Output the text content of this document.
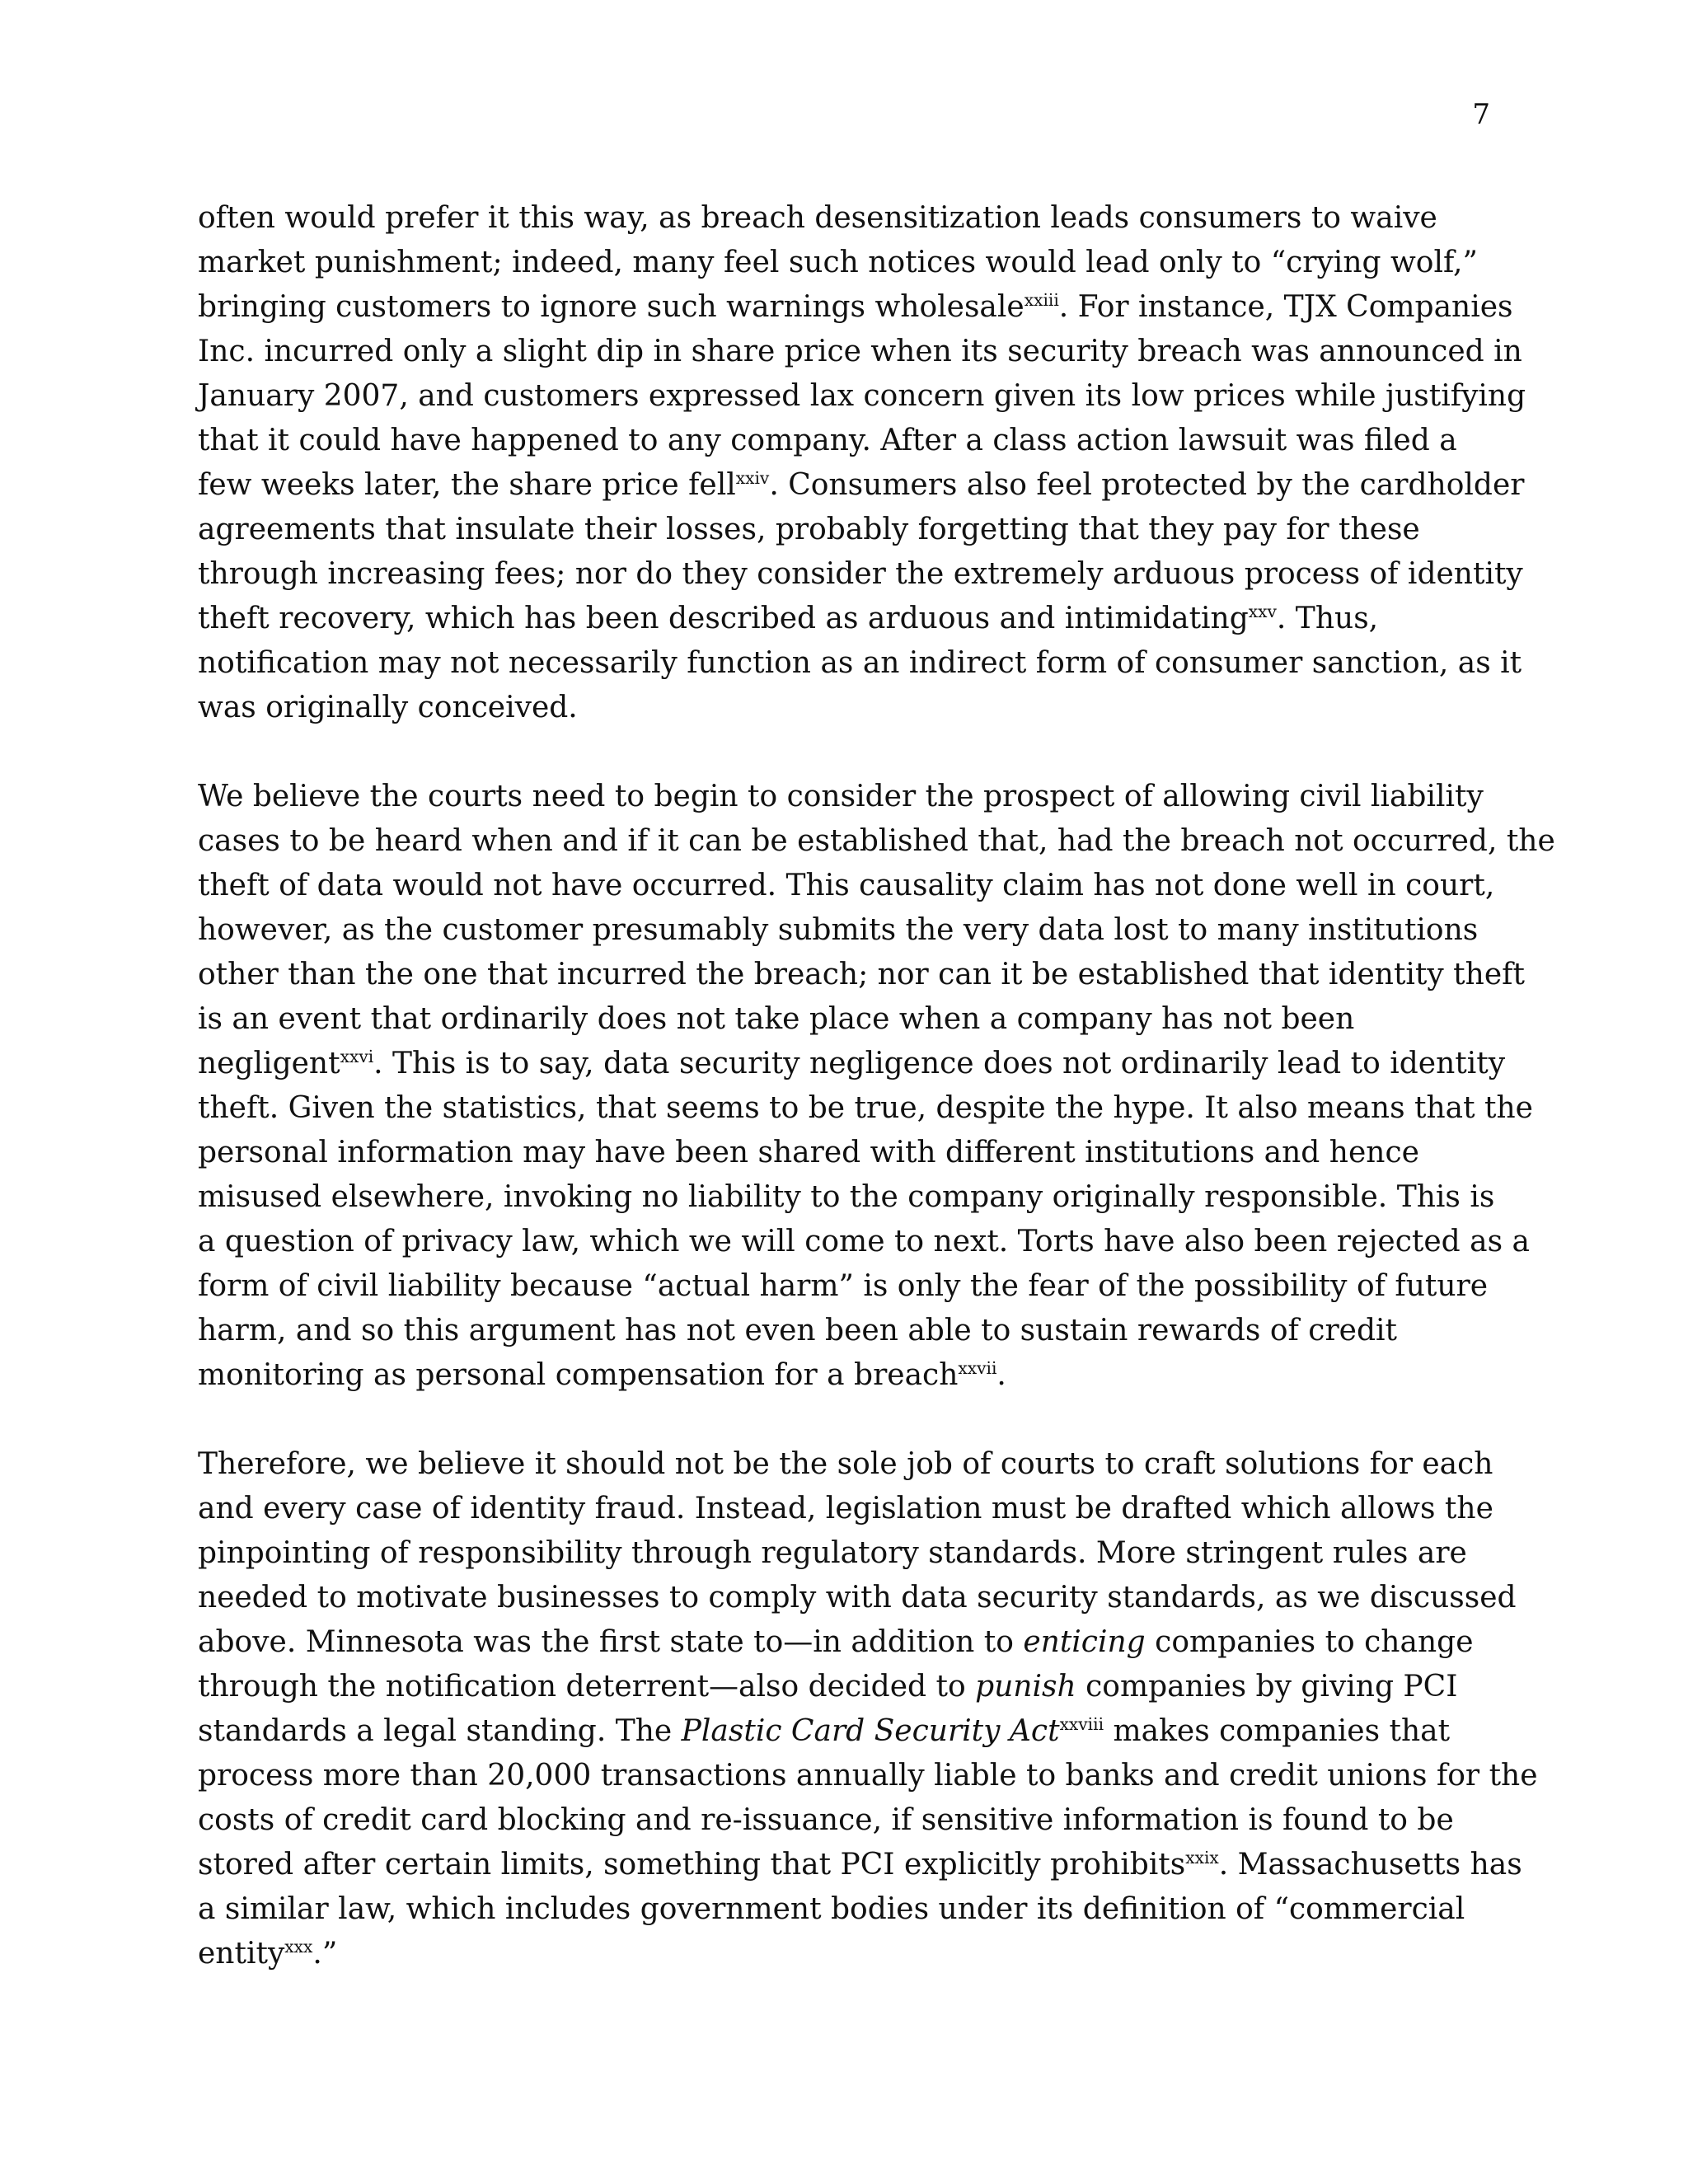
7

often would prefer it this way, as breach desensitization leads consumers to waive
market punishment; indeed, many feel such notices would lead only to “crying wolf,”
bringing customers to ignore such warnings wholesale$^{xxiii}$. For instance, TJX Companies
Inc. incurred only a slight dip in share price when its security breach was announced in
January 2007, and customers expressed lax concern given its low prices while justifying
that it could have happened to any company. After a class action lawsuit was filed a
few weeks later, the share price fell$^{xxiv}$. Consumers also feel protected by the cardholder
agreements that insulate their losses, probably forgetting that they pay for these
through increasing fees; nor do they consider the extremely arduous process of identity
theft recovery, which has been described as arduous and intimidating$^{xxv}$. Thus,
notification may not necessarily function as an indirect form of consumer sanction, as it
was originally conceived.

We believe the courts need to begin to consider the prospect of allowing civil liability
cases to be heard when and if it can be established that, had the breach not occurred, the
theft of data would not have occurred. This causality claim has not done well in court,
however, as the customer presumably submits the very data lost to many institutions
other than the one that incurred the breach; nor can it be established that identity theft
is an event that ordinarily does not take place when a company has not been
negligent$^{xxvi}$. This is to say, data security negligence does not ordinarily lead to identity
theft. Given the statistics, that seems to be true, despite the hype. It also means that the
personal information may have been shared with different institutions and hence
misused elsewhere, invoking no liability to the company originally responsible. This is
a question of privacy law, which we will come to next. Torts have also been rejected as a
form of civil liability because “actual harm” is only the fear of the possibility of future
harm, and so this argument has not even been able to sustain rewards of credit
monitoring as personal compensation for a breach$^{xxvii}$.

Therefore, we believe it should not be the sole job of courts to craft solutions for each
and every case of identity fraud. Instead, legislation must be drafted which allows the
pinpointing of responsibility through regulatory standards. More stringent rules are
needed to motivate businesses to comply with data security standards, as we discussed
above. Minnesota was the first state to—in addition to enticing companies to change
through the notification deterrent—also decided to punish companies by giving PCI
standards a legal standing. The Plastic Card Security Act$^{xxviii}$ makes companies that
process more than 20,000 transactions annually liable to banks and credit unions for the
costs of credit card blocking and re-issuance, if sensitive information is found to be
stored after certain limits, something that PCI explicitly prohibits$^{xxix}$. Massachusetts has
a similar law, which includes government bodies under its definition of “commercial
entity$^{xxx}$.”
